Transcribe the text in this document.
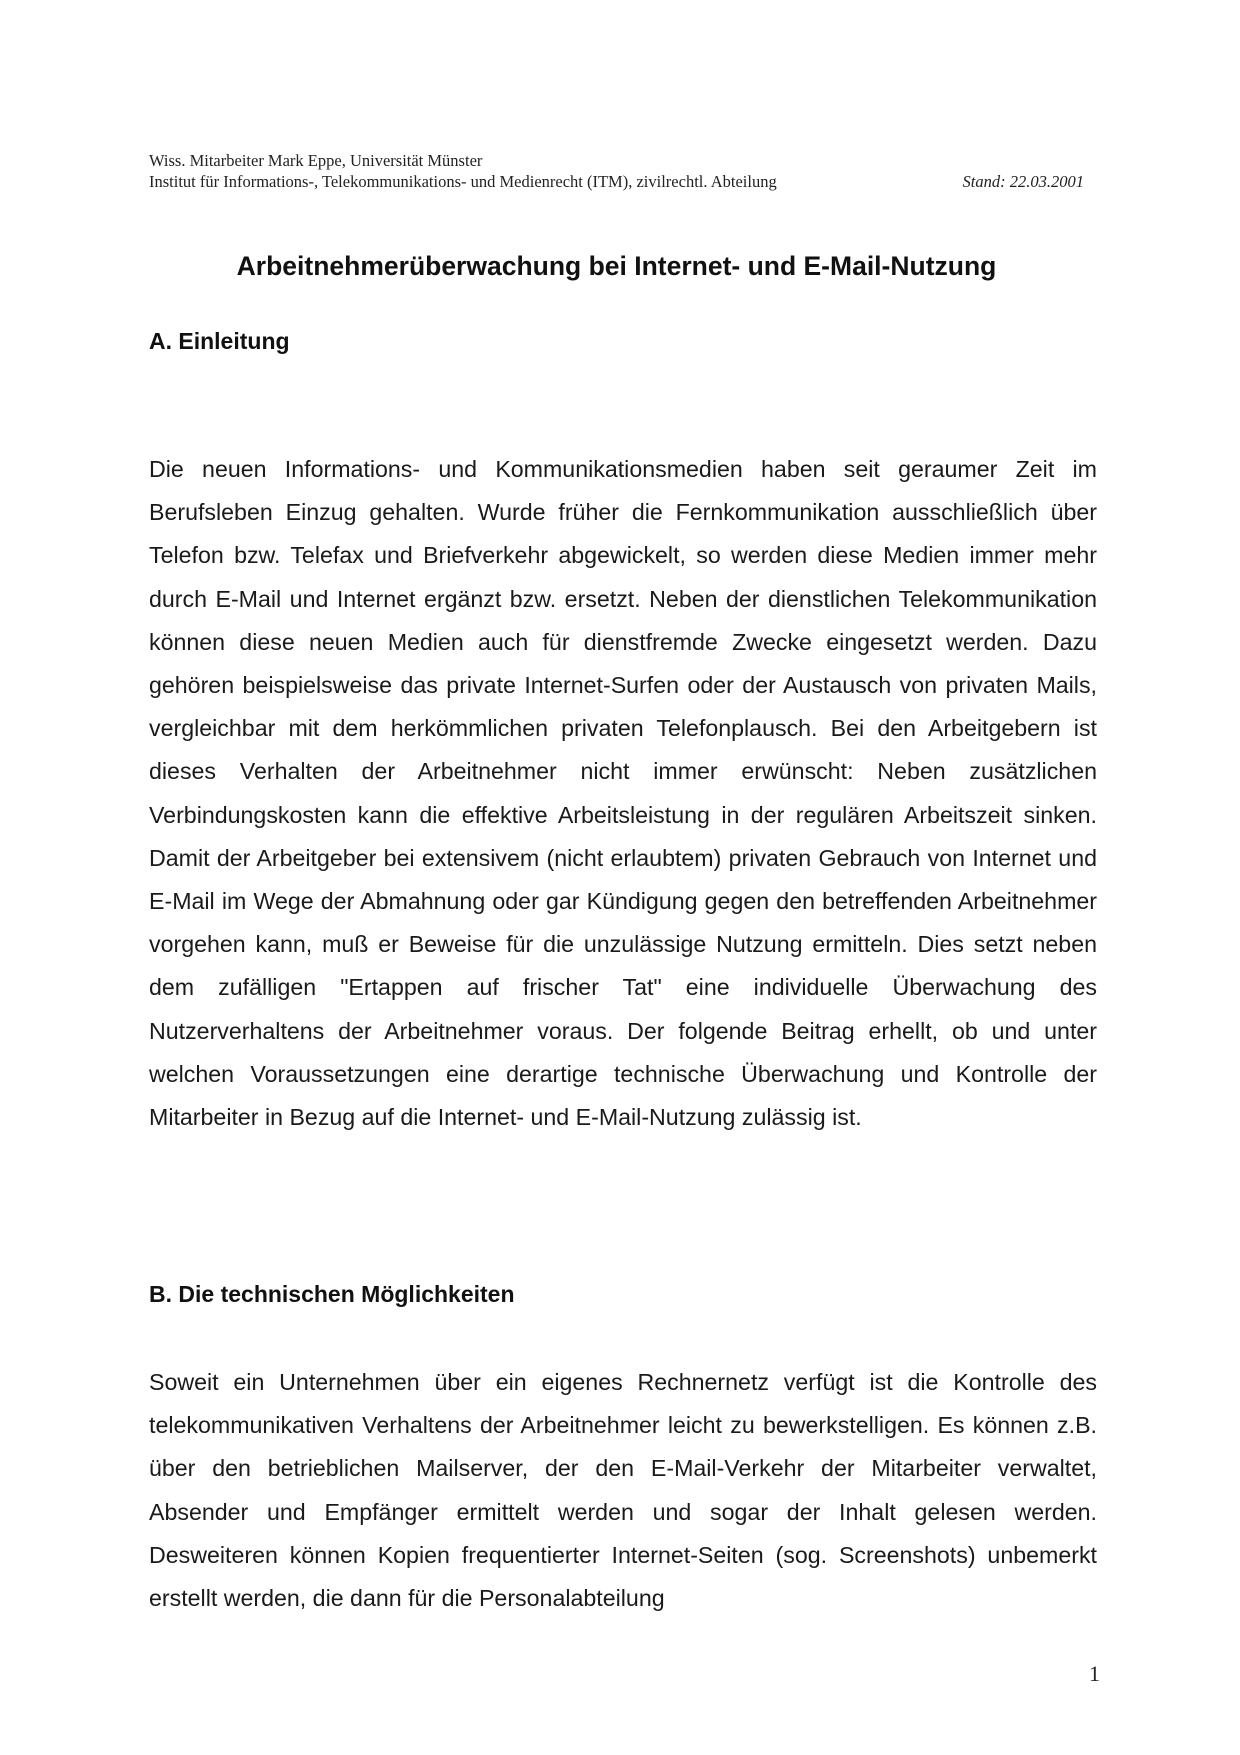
Wiss. Mitarbeiter Mark Eppe, Universität Münster
Institut für Informations-, Telekommunikations- und Medienrecht (ITM), zivilrechtl. Abteilung	Stand: 22.03.2001
Arbeitnehmerüberwachung bei Internet- und E-Mail-Nutzung
A. Einleitung

Die neuen Informations- und Kommunikationsmedien haben seit geraumer Zeit im Berufsleben Einzug gehalten. Wurde früher die Fernkommunikation ausschließlich über Telefon bzw. Telefax und Briefverkehr abgewickelt, so werden diese Medien immer mehr durch E-Mail und Internet ergänzt bzw. ersetzt. Neben der dienstlichen Telekommunikation können diese neuen Medien auch für dienstfremde Zwecke eingesetzt werden. Dazu gehören beispielsweise das private Internet-Surfen oder der Austausch von privaten Mails, vergleichbar mit dem herkömmlichen privaten Telefonplausch. Bei den Arbeitgebern ist dieses Verhalten der Arbeitnehmer nicht immer erwünscht: Neben zusätzlichen Verbindungskosten kann die effektive Arbeitsleistung in der regulären Arbeitszeit sinken. Damit der Arbeitgeber bei extensivem (nicht erlaubtem) privaten Gebrauch von Internet und E-Mail im Wege der Abmahnung oder gar Kündigung gegen den betreffenden Arbeitnehmer vorgehen kann, muß er Beweise für die unzulässige Nutzung ermitteln. Dies setzt neben dem zufälligen "Ertappen auf frischer Tat" eine individuelle Überwachung des Nutzerverhaltens der Arbeitnehmer voraus. Der folgende Beitrag erhellt, ob und unter welchen Voraussetzungen eine derartige technische Überwachung und Kontrolle der Mitarbeiter in Bezug auf die Internet- und E-Mail-Nutzung zulässig ist.

B. Die technischen Möglichkeiten

Soweit ein Unternehmen über ein eigenes Rechnernetz verfügt ist die Kontrolle des telekommunikativen Verhaltens der Arbeitnehmer leicht zu bewerkstelligen. Es können z.B. über den betrieblichen Mailserver, der den E-Mail-Verkehr der Mitarbeiter verwaltet, Absender und Empfänger ermittelt werden und sogar der Inhalt gelesen werden. Desweiteren können Kopien frequentierter Internet-Seiten (sog. Screenshots) unbemerkt erstellt werden, die dann für die Personalabteilung

1
